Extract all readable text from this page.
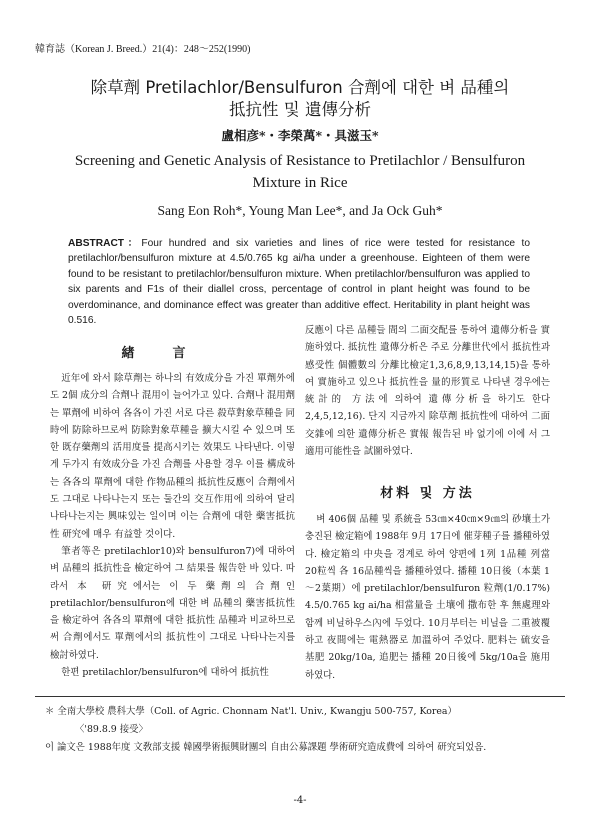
韓育誌（Korean J. Breed.）21(4)：248～252(1990)
除草劑 Pretilachlor/Bensulfuron 合劑에 대한 벼 品種의
抵抗性 및 遺傳分析
盧相彦*・李榮萬*・具滋玉*
Screening and Genetic Analysis of Resistance to Pretilachlor / Bensulfuron
Mixture in Rice
Sang Eon Roh*, Young Man Lee*, and Ja Ock Guh*
ABSTRACT：Four hundred and six varieties and lines of rice were tested for resistance to pretilachlor/bensulfuron mixture at 4.5/0.765 kg ai/ha under a greenhouse. Eighteen of them were found to be resistant to pretilachlor/bensulfuron mixture. When pretilachlor/bensulfuron was applied to six parents and F1s of their diallel cross, percentage of control in plant height was found to be overdominance, and dominance effect was greater than additive effect. Heritability in plant height was 0.516.
緖言

近年에 와서 除草劑는 하나의 有效成分을 가진 單劑外에도 2個 成分의 合劑나 混用이 늘어가고 있다. 合劑나 混用劑는 單劑에 비하여 各各이 가진 서로 다른 殺草對象草種을 同時에 防除하므로써 防除對象草種을 擴大시킬 수 있으며 또한 既存藥劑의 活用度를 提高시키는 效果도 나타낸다. 이렇게 두가지 有效成分을 가진 合劑를 사용할 경우 이를 構成하는 各各의 單劑에 대한 作物品種의 抵抗性反應이 合劑에서도 그대로 나타나는지 또는 둘간의 交互作用에 의하여 달리 나타나는지는 興味있는 일이며 이는 合劑에 대한 藥害抵抗性 研究에 매우 有益할 것이다.

筆者等은 pretilachlor10)와 bensulfuron7)에 대하여 벼 品種의 抵抗性을 檢定하여 그 結果를 報告한 바 있다. 따라서 本 研究에서는 이 두 藥劑의 合劑인 pretilachlor/bensulfuron에 대한 벼 品種의 藥害抵抗性을 檢定하여 各各의 單劑에 대한 抵抗性 品種과 비교하므로써 合劑에서도 單劑에서의 抵抗性이 그대로 나타나는지를 檢討하였다.

한편 pretilachlor/bensulfuron에 대하여 抵抗性

反應이 다른 品種들 間의 二面交配를 통하여 遺傳分析을 實施하였다. 抵抗性 遺傳分析은 주로 分離世代에서 抵抗性과 感受性 個體數의 分離比檢定1,3,6,8,9,13,14,15)을 통하여 實施하고 있으나 抵抗性을 量的形質로 나타낸 경우에는 統計的 方法에 의하여 遺傳分析을 하기도 한다2,4,5,12,16). 단지 지금까지 除草劑 抵抗性에 대하여 二面交雜에 의한 遺傳分析은 實報 報告된 바 없기에 이에 서 그 適用可能性을 試圖하였다.

材料 및 方法

벼 406個 品種 및 系統을 53㎝×40㎝×9㎝의 砂壤土가 충진된 檢定箱에 1988年 9月 17日에 催芽種子를 播種하였다. 檢定箱의 中央을 경계로 하여 양편에 1列 1品種 列當 20粒씩 各 16品種씩을 播種하였다. 播種 10日後（本葉 1～2葉期）에 pretilachlor/bensulfuron 粒劑(1/0.17%) 4.5/0.765 kg ai/ha 相當量을 土壤에 撒布한 후 無處理와 함께 비닐하우스內에 두었다. 10月부터는 비닐을 二重被覆하고 夜間에는 電熱器로 加溫하여 주었다. 肥料는 硫安을 基肥 20kg/10a, 追肥는 播種 20日後에 5kg/10a을 施用하였다.

＊ 全南大學校 農科大學（Coll. of Agric. Chonnam Nat'l. Univ., Kwangju 500-757, Korea）
〈'89.8.9 接受〉
이 論文은 1988年度 文敎部支援 韓國學術振興財團의 自由公募課題 學術研究造成費에 의하여 研究되었음.
-4-
